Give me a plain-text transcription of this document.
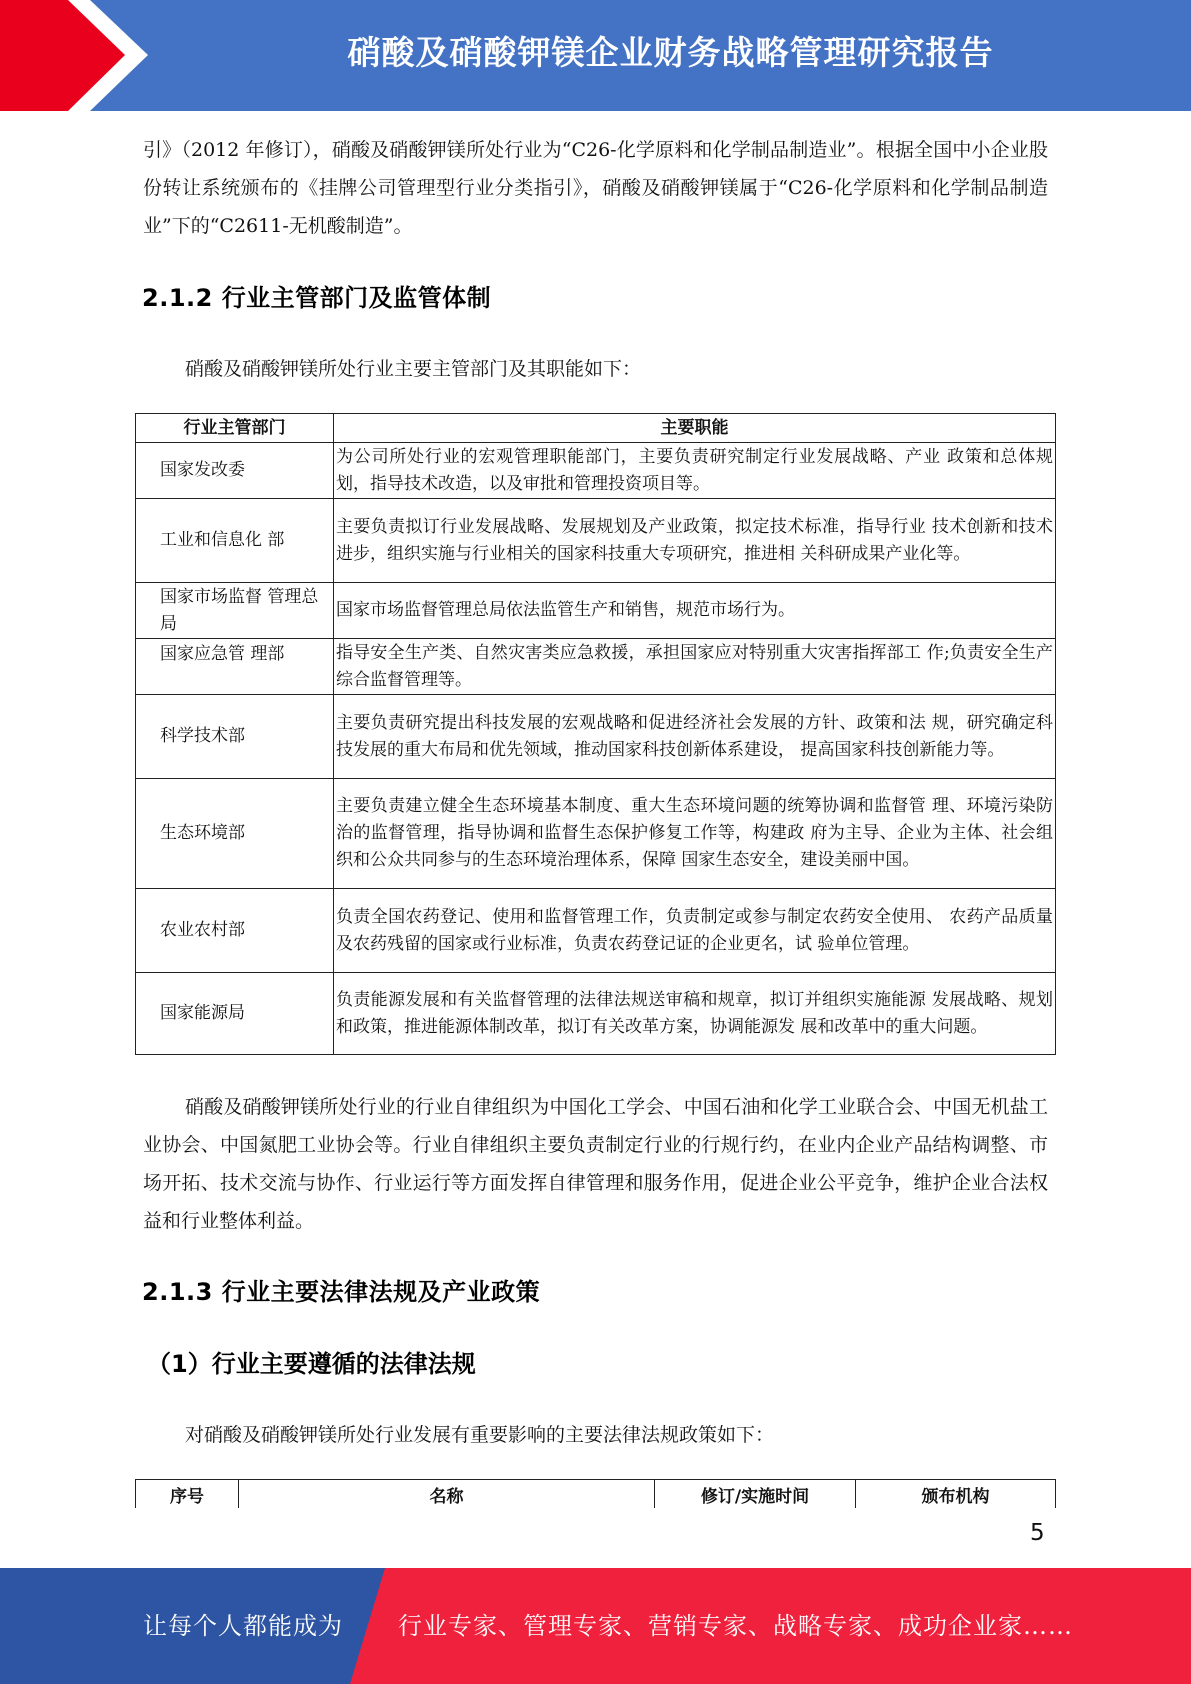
硝酸及硝酸钾镁企业财务战略管理研究报告

引》（2012 年修订），硝酸及硝酸钾镁所处行业为“C26-化学原料和化学制品制造业”。根据全国中小企业股份转让系统颁布的《挂牌公司管理型行业分类指引》，硝酸及硝酸钾镁属于“C26-化学原料和化学制品制造业”下的“C2611-无机酸制造”。

2.1.2 行业主管部门及监管体制

硝酸及硝酸钾镁所处行业主要主管部门及其职能如下：

行业主管部门	主要职能
国家发改委	为公司所处行业的宏观管理职能部门，主要负责研究制定行业发展战略、产业 政策和总体规划，指导技术改造，以及审批和管理投资项目等。
工业和信息化 部	主要负责拟订行业发展战略、发展规划及产业政策，拟定技术标准，指导行业 技术创新和技术进步，组织实施与行业相关的国家科技重大专项研究，推进相 关科研成果产业化等。
国家市场监督 管理总局	国家市场监督管理总局依法监管生产和销售，规范市场行为。
国家应急管 理部	指导安全生产类、自然灾害类应急救援，承担国家应对特别重大灾害指挥部工 作;负责安全生产综合监督管理等。
科学技术部	主要负责研究提出科技发展的宏观战略和促进经济社会发展的方针、政策和法 规，研究确定科技发展的重大布局和优先领域，推动国家科技创新体系建设， 提高国家科技创新能力等。
生态环境部	主要负责建立健全生态环境基本制度、重大生态环境问题的统筹协调和监督管 理、环境污染防治的监督管理，指导协调和监督生态保护修复工作等，构建政 府为主导、企业为主体、社会组织和公众共同参与的生态环境治理体系，保障 国家生态安全，建设美丽中国。
农业农村部	负责全国农药登记、使用和监督管理工作，负责制定或参与制定农药安全使用、 农药产品质量及农药残留的国家或行业标准，负责农药登记证的企业更名，试 验单位管理。
国家能源局	负责能源发展和有关监督管理的法律法规送审稿和规章，拟订并组织实施能源 发展战略、规划和政策，推进能源体制改革，拟订有关改革方案，协调能源发 展和改革中的重大问题。

硝酸及硝酸钾镁所处行业的行业自律组织为中国化工学会、中国石油和化学工业联合会、中国无机盐工业协会、中国氮肥工业协会等。行业自律组织主要负责制定行业的行规行约，在业内企业产品结构调整、市场开拓、技术交流与协作、行业运行等方面发挥自律管理和服务作用，促进企业公平竞争，维护企业合法权益和行业整体利益。

2.1.3 行业主要法律法规及产业政策
（1）行业主要遵循的法律法规

对硝酸及硝酸钾镁所处行业发展有重要影响的主要法律法规政策如下：

序号	名称	修订/实施时间	颁布机构
5
让每个人都能成为 行业专家、管理专家、营销专家、战略专家、成功企业家……
